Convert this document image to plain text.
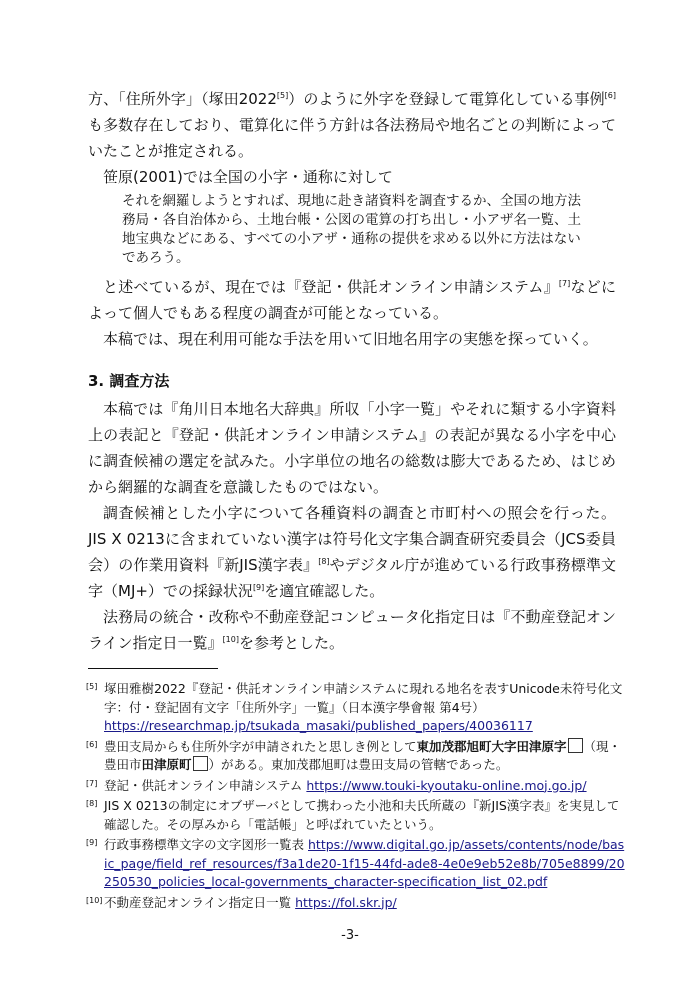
方、「住所外字」（塚田2022[5]）のように外字を登録して電算化している事例[6]も多数存在しており、電算化に伴う方針は各法務局や地名ごとの判断によっていたことが推定される。

笹原(2001)では全国の小字・通称に対して

それを網羅しようとすれば、現地に赴き諸資料を調査するか、全国の地方法務局・各自治体から、土地台帳・公図の電算の打ち出し・小アザ名一覧、土地宝典などにある、すべての小アザ・通称の提供を求める以外に方法はないであろう。

と述べているが、現在では『登記・供託オンライン申請システム』[7]などによって個人でもある程度の調査が可能となっている。

本稿では、現在利用可能な手法を用いて旧地名用字の実態を探っていく。

3. 調査方法

本稿では『角川日本地名大辞典』所収「小字一覧」やそれに類する小字資料上の表記と『登記・供託オンライン申請システム』の表記が異なる小字を中心に調査候補の選定を試みた。小字単位の地名の総数は膨大であるため、はじめから網羅的な調査を意識したものではない。

調査候補とした小字について各種資料の調査と市町村への照会を行った。JIS X 0213に含まれていない漢字は符号化文字集合調査研究委員会（JCS委員会）の作業用資料『新JIS漢字表』[8]やデジタル庁が進めている行政事務標準文字（MJ+）での採録状況[9]を適宜確認した。

法務局の統合・改称や不動産登記コンピュータ化指定日は『不動産登記オンライン指定日一覧』[10]を参考とした。

[5] 塚田雅樹2022『登記・供託オンライン申請システムに現れる地名を表すUnicode未符号化文字：付・登記固有文字「住所外字」一覧』（日本漢字學會報 第4号）
https://researchmap.jp/tsukada_masaki/published_papers/40036117
[6] 豊田支局からも住所外字が申請されたと思しき例として東加茂郡旭町大字田津原字 （現・豊田市田津原町 ）がある。東加茂郡旭町は豊田支局の管轄であった。
[7] 登記・供託オンライン申請システム https://www.touki-kyoutaku-online.moj.go.jp/
[8] JIS X 0213の制定にオブザーバとして携わった小池和夫氏所蔵の『新JIS漢字表』を実見して確認した。その厚みから「電話帳」と呼ばれていたという。
[9] 行政事務標準文字の文字図形一覧表 https://www.digital.go.jp/assets/contents/node/basic_page/field_ref_resources/f3a1de20-1f15-44fd-ade8-4e0e9eb52e8b/705e8899/20250530_policies_local-governments_character-specification_list_02.pdf
[10] 不動産登記オンライン指定日一覧 https://fol.skr.jp/
-3-
